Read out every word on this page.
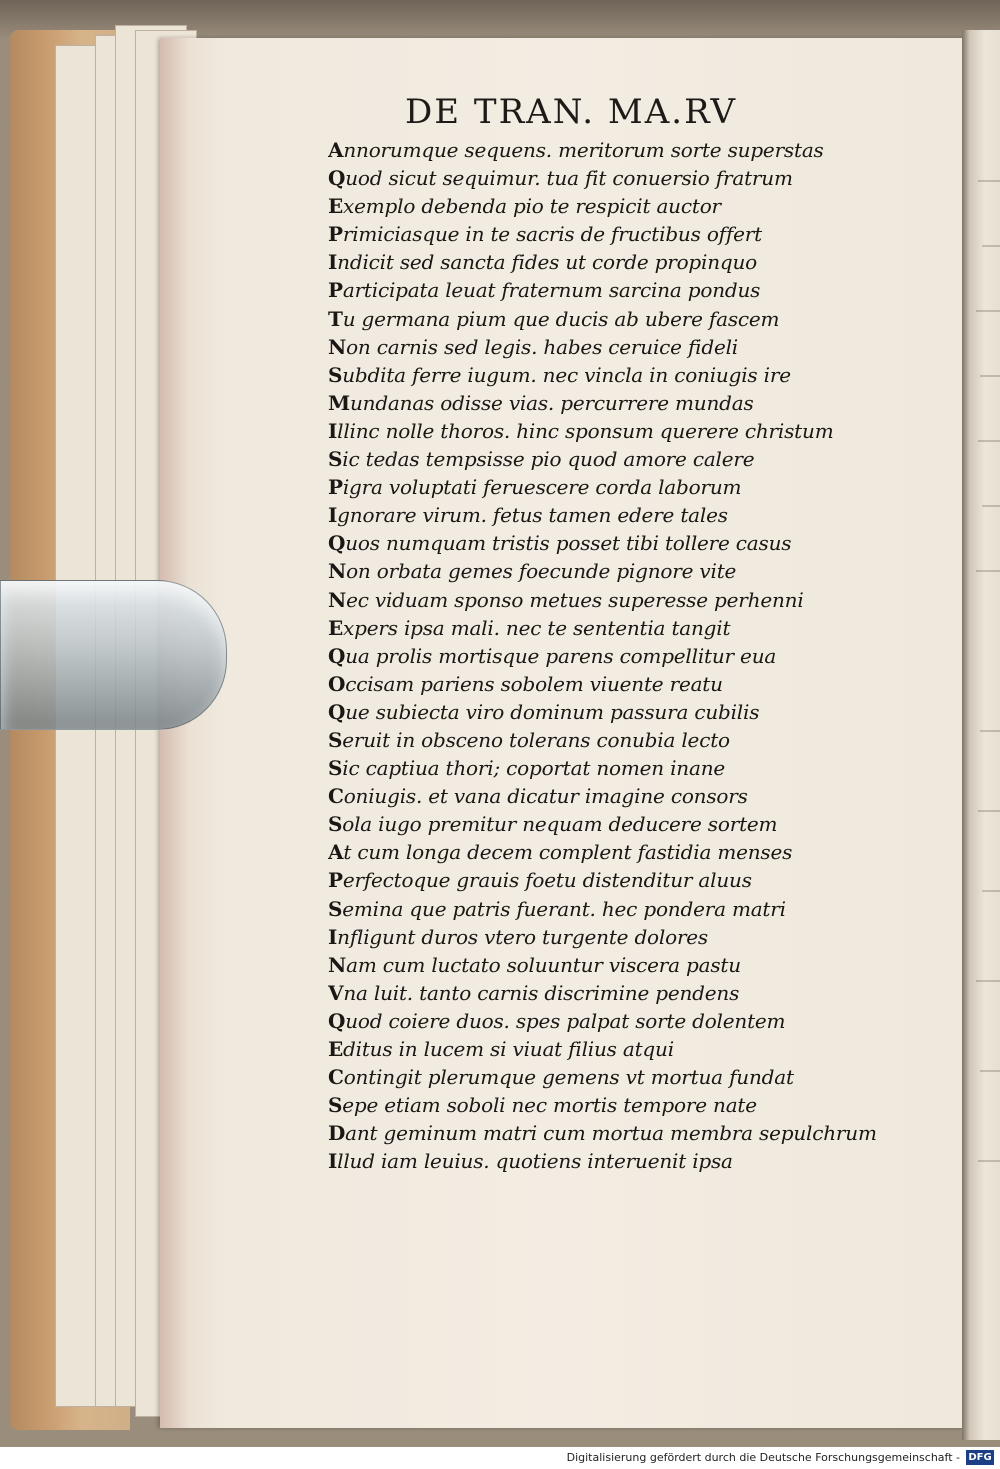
DE TRAN. MA.RV
Annorumque sequens. meritorum sorte superstas
Quod sicut sequimur. tua fit conuersio fratrum
Exemplo debenda pio te respicit auctor
Primiciasque in te sacris de fructibus offert
Indicit sed sancta fides ut corde propinquo
Participata leuat fraternum sarcina pondus
Tu germana pium que ducis ab ubere fascem
Non carnis sed legis. habes ceruice fideli
Subdita ferre iugum. nec vincla in coniugis ire
Mundanas odisse vias. percurrere mundas
Illinc nolle thoros. hinc sponsum querere christum
Sic tedas tempsisse pio quod amore calere
Pigra voluptati feruescere corda laborum
Ignorare virum. fetus tamen edere tales
Quos numquam tristis posset tibi tollere casus
Non orbata gemes foecunde pignore vite
Nec viduam sponso metues superesse perhenni
Expers ipsa mali. nec te sententia tangit
Qua prolis mortisque parens compellitur eua
Occisam pariens sobolem viuente reatu
Que subiecta viro dominum passura cubilis
Seruit in obsceno tolerans conubia lecto
Sic captiua thori; coportat nomen inane
Coniugis. et vana dicatur imagine consors
Sola iugo premitur nequam deducere sortem
At cum longa decem complent fastidia menses
Perfectoque grauis foetu distenditur aluus
Semina que patris fuerant. hec pondera matri
Infligunt duros vtero turgente dolores
Nam cum luctato soluuntur viscera pastu
Vna luit. tanto carnis discrimine pendens
Quod coiere duos. spes palpat sorte dolentem
Editus in lucem si viuat filius atqui
Contingit plerumque gemens vt mortua fundat
Sepe etiam soboli nec mortis tempore nate
Dant geminum matri cum mortua membra sepulchrum
Illud iam leuius. quotiens interuenit ipsa
Digitalisierung gefördert durch die Deutsche Forschungsgemeinschaft - DFG
